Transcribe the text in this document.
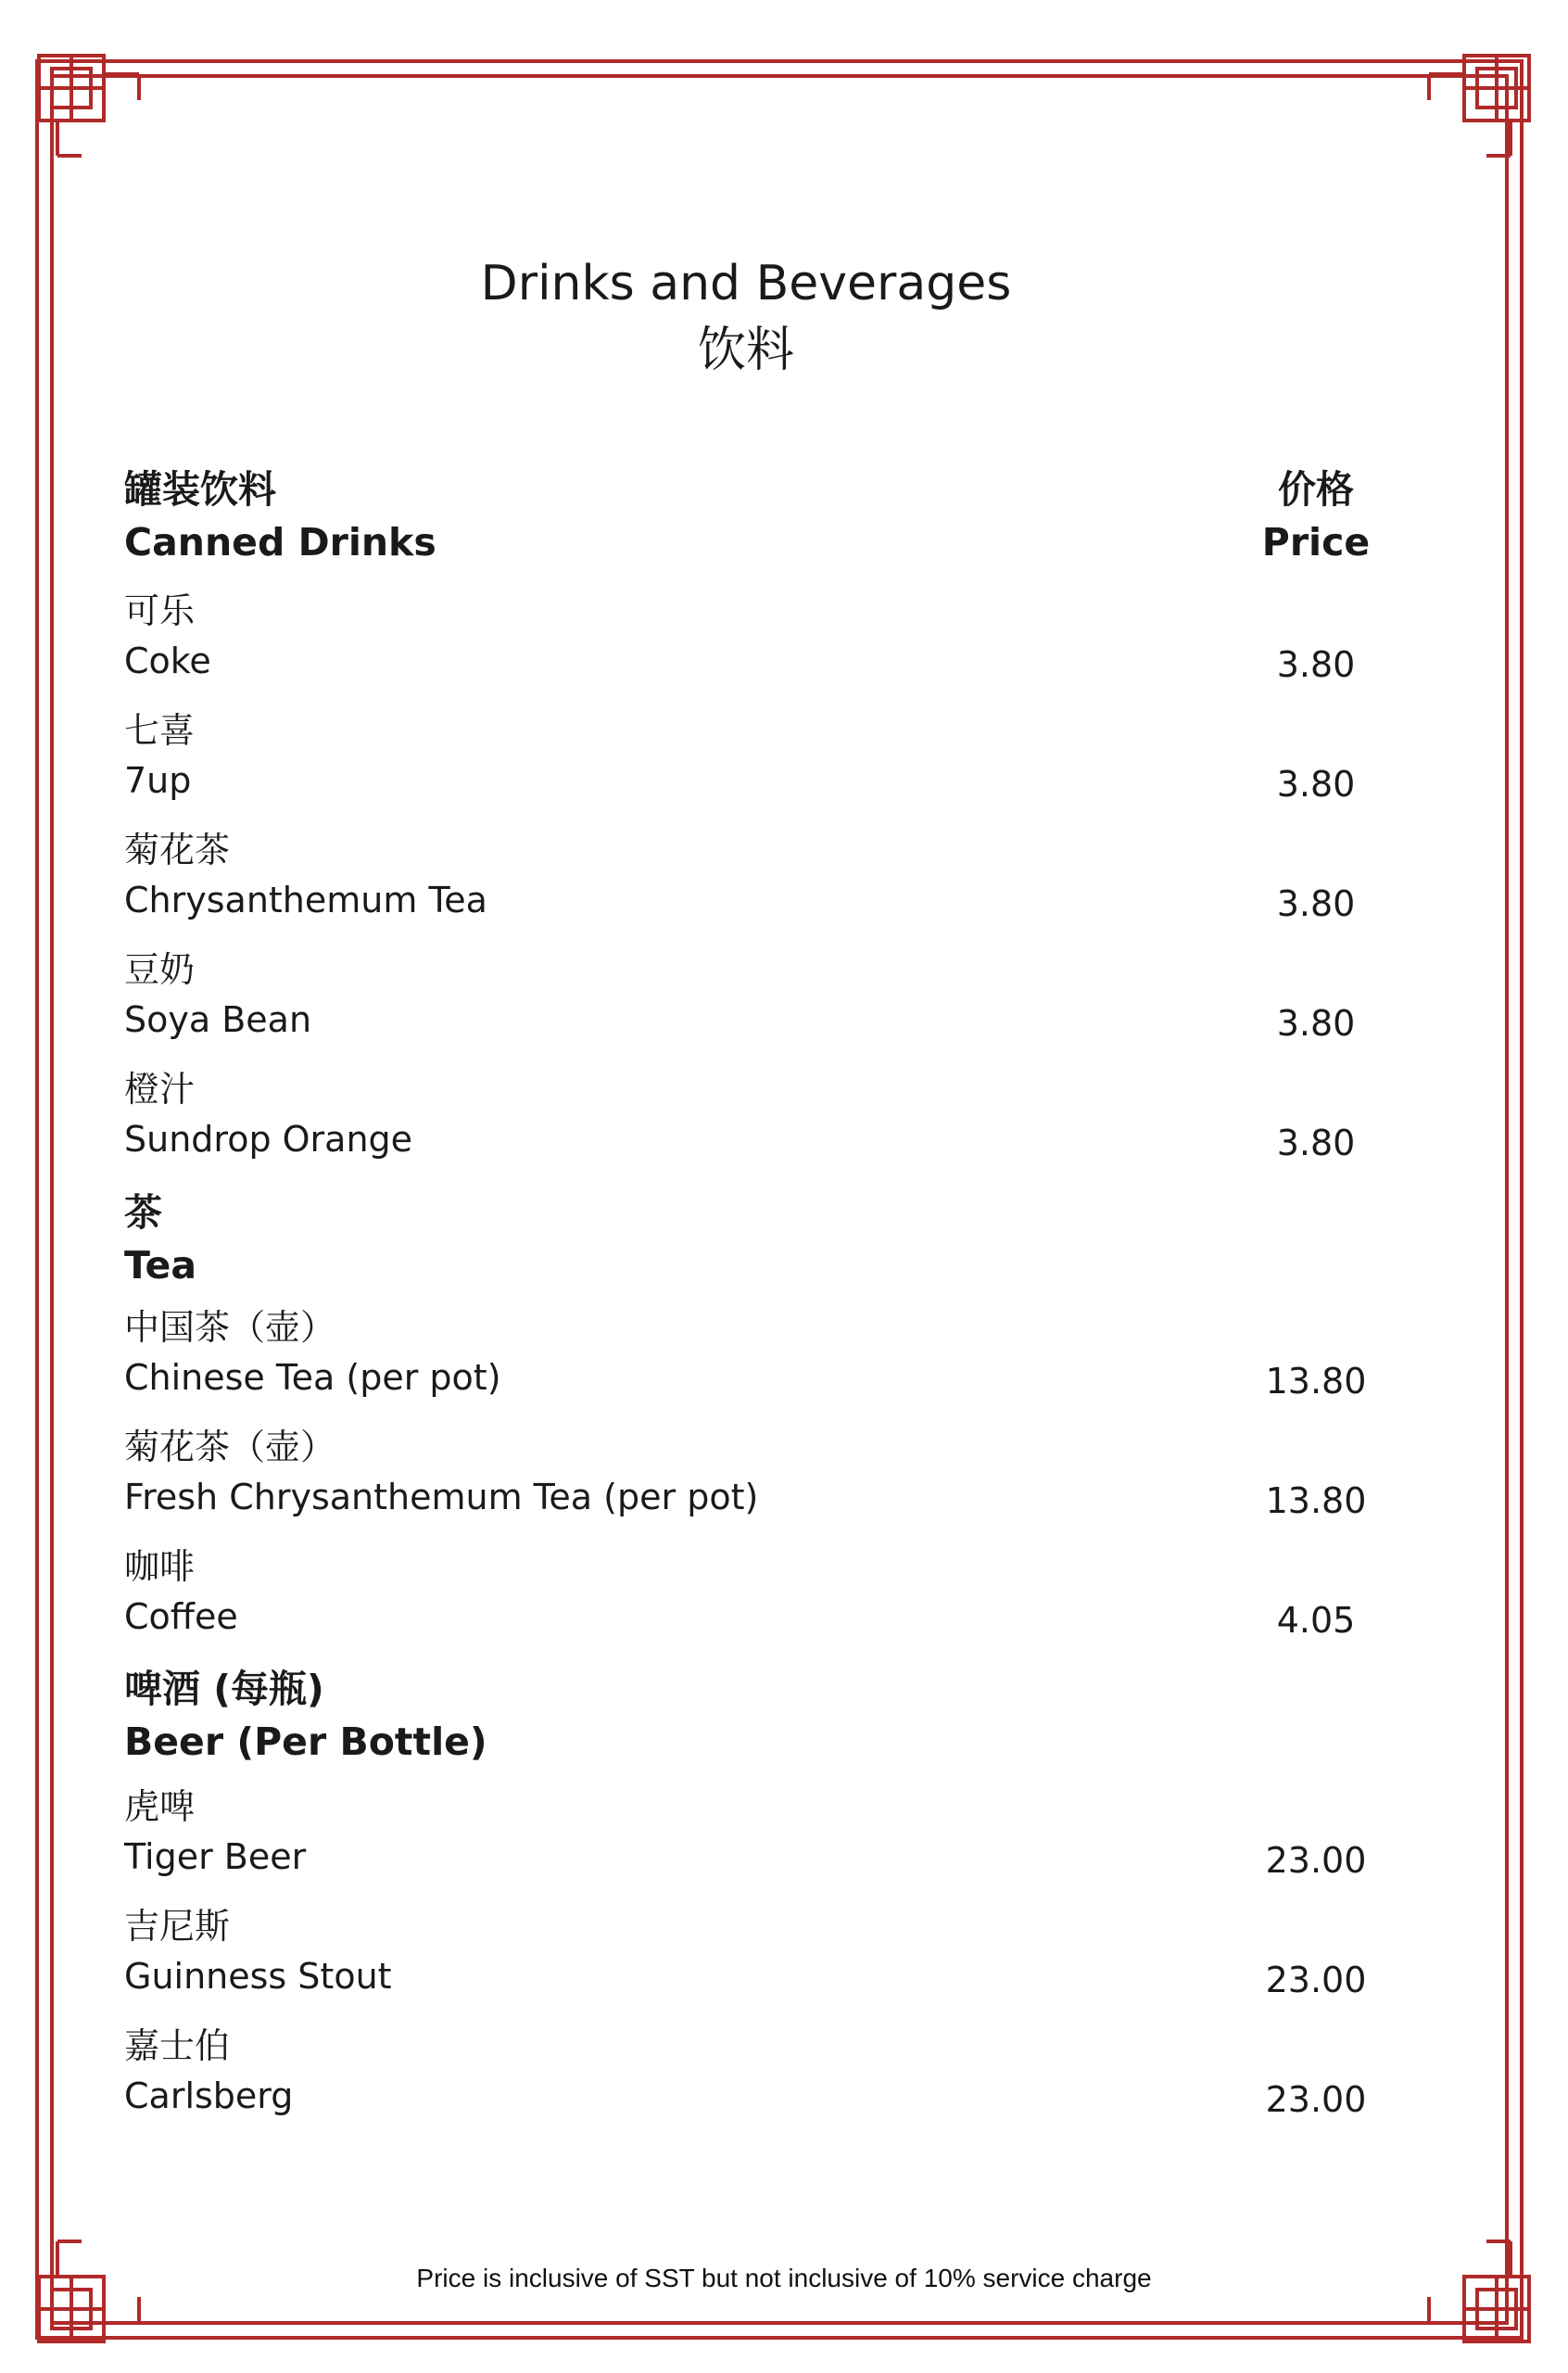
Drinks and Beverages
饮料
罐装饮料
Canned Drinks
价格
Price
可乐
Coke	3.80
七喜
7up	3.80
菊花茶
Chrysanthemum Tea	3.80
豆奶
Soya Bean	3.80
橙汁
Sundrop Orange	3.80
茶
Tea
中国茶（壶）
Chinese Tea (per pot)	13.80
菊花茶（壶）
Fresh Chrysanthemum Tea (per pot)	13.80
咖啡
Coffee	4.05
啤酒 (每瓶)
Beer (Per Bottle)
虎啤
Tiger Beer	23.00
吉尼斯
Guinness Stout	23.00
嘉士伯
Carlsberg	23.00
Price is inclusive of SST but not inclusive of 10% service charge
